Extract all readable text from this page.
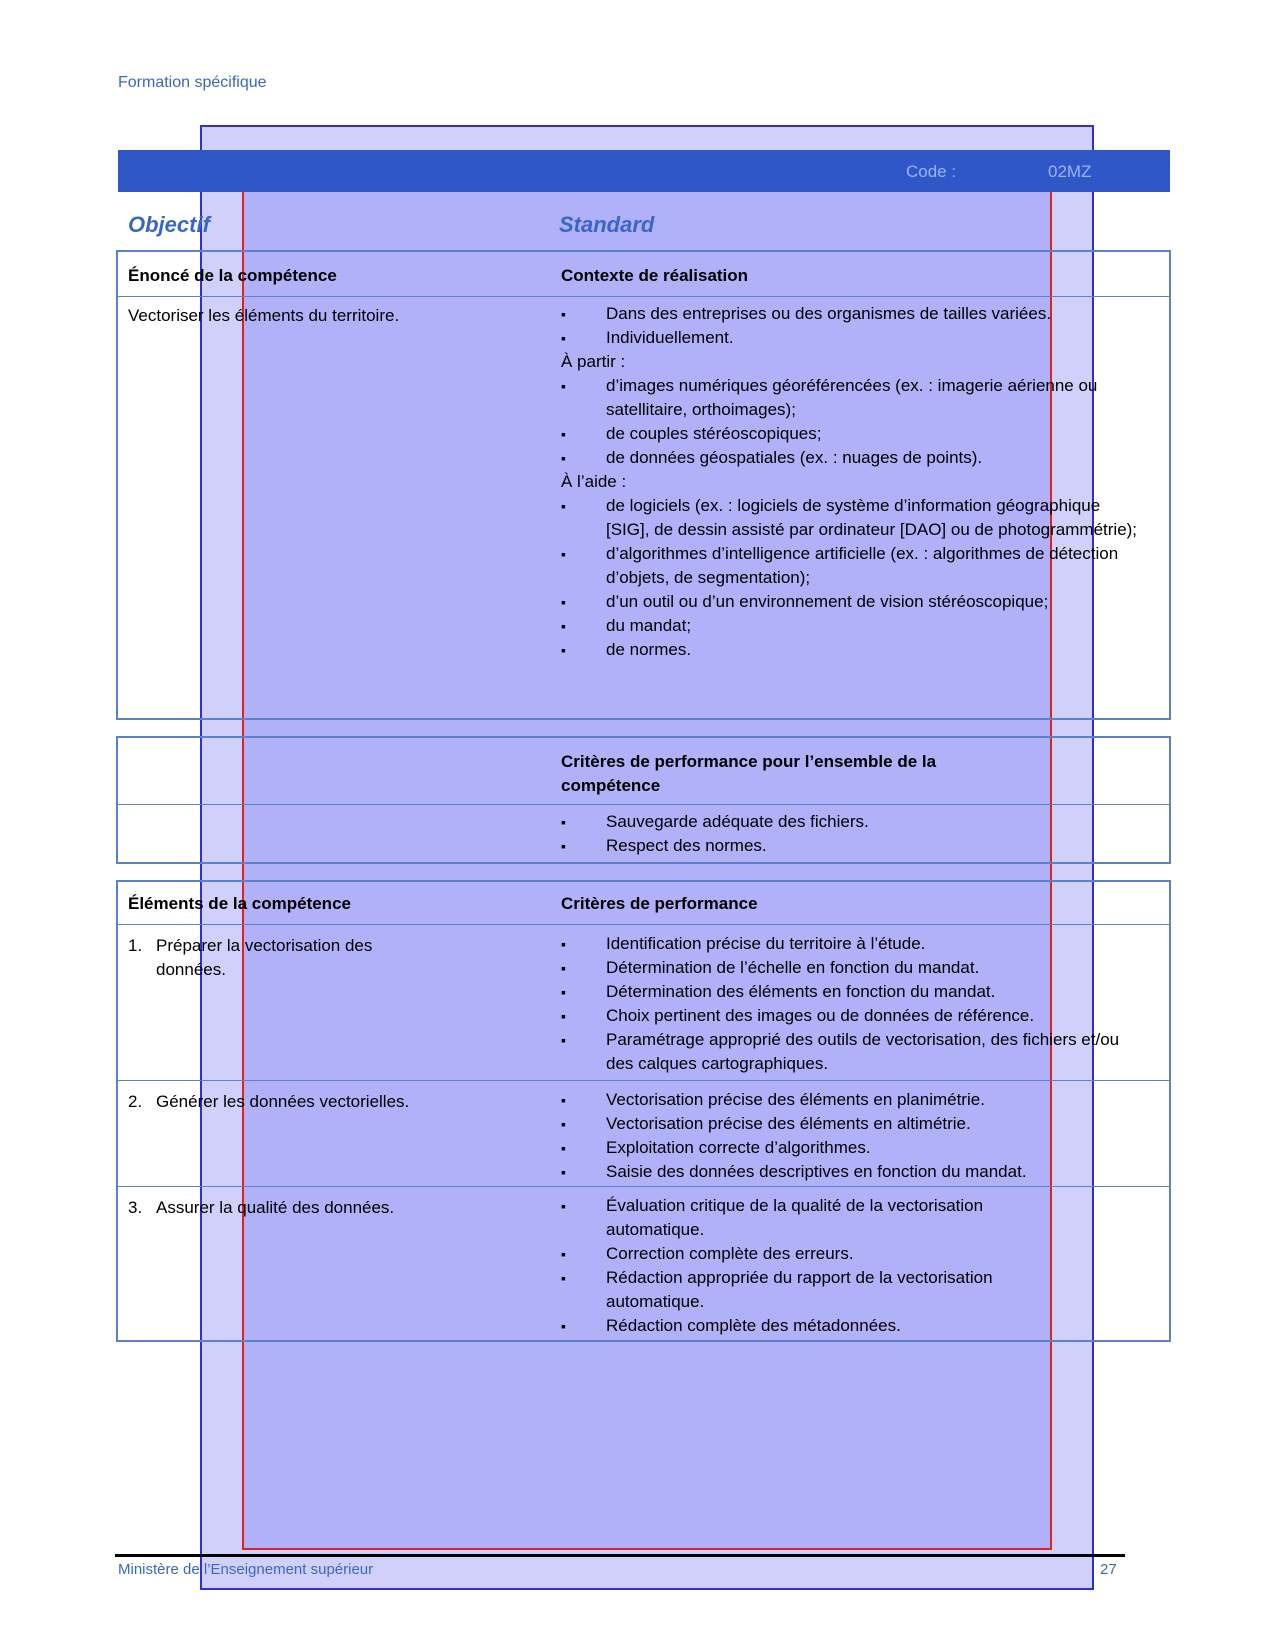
Formation spécifique
Code :	02MZ
Objectif	Standard
Énoncé de la compétence	Contexte de réalisation
Vectoriser les éléments du territoire.	▪ Dans des entreprises ou des organismes de tailles variées.
▪ Individuellement.
À partir :
▪ d’images numériques géoréférencées (ex. : imagerie aérienne ou satellitaire, orthoimages);
▪ de couples stéréoscopiques;
▪ de données géospatiales (ex. : nuages de points).
À l’aide :
▪ de logiciels (ex. : logiciels de système d’information géographique [SIG], de dessin assisté par ordinateur [DAO] ou de photogrammétrie);
▪ d’algorithmes d’intelligence artificielle (ex. : algorithmes de détection d’objets, de segmentation);
▪ d’un outil ou d’un environnement de vision stéréoscopique;
▪ du mandat;
▪ de normes.
Critères de performance pour l’ensemble de la compétence
▪ Sauvegarde adéquate des fichiers.
▪ Respect des normes.
Éléments de la compétence	Critères de performance
1. Préparer la vectorisation des données.
▪ Identification précise du territoire à l’étude.
▪ Détermination de l’échelle en fonction du mandat.
▪ Détermination des éléments en fonction du mandat.
▪ Choix pertinent des images ou de données de référence.
▪ Paramétrage approprié des outils de vectorisation, des fichiers et/ou des calques cartographiques.
2. Générer les données vectorielles.	▪ Vectorisation précise des éléments en planimétrie.
▪ Vectorisation précise des éléments en altimétrie.
▪ Exploitation correcte d’algorithmes.
▪ Saisie des données descriptives en fonction du mandat.
3. Assurer la qualité des données.	▪ Évaluation critique de la qualité de la vectorisation automatique.
▪ Correction complète des erreurs.
▪ Rédaction appropriée du rapport de la vectorisation automatique.
▪ Rédaction complète des métadonnées.
Ministère de l’Enseignement supérieur	27
